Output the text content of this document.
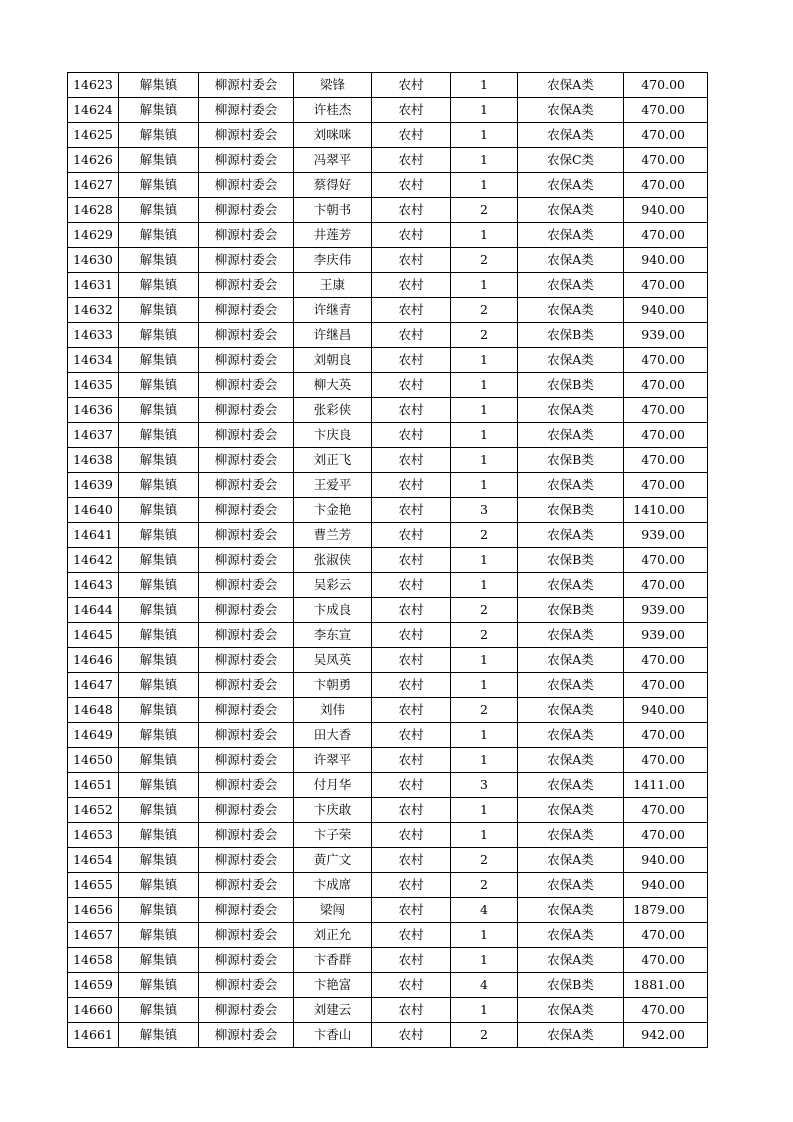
14623	解集镇	柳源村委会	梁锋	农村	1	农保A类	470.00
14624	解集镇	柳源村委会	许桂杰	农村	1	农保A类	470.00
14625	解集镇	柳源村委会	刘咪咪	农村	1	农保A类	470.00
14626	解集镇	柳源村委会	冯翠平	农村	1	农保C类	470.00
14627	解集镇	柳源村委会	蔡得好	农村	1	农保A类	470.00
14628	解集镇	柳源村委会	卞朝书	农村	2	农保A类	940.00
14629	解集镇	柳源村委会	井莲芳	农村	1	农保A类	470.00
14630	解集镇	柳源村委会	李庆伟	农村	2	农保A类	940.00
14631	解集镇	柳源村委会	王康	农村	1	农保A类	470.00
14632	解集镇	柳源村委会	许继青	农村	2	农保A类	940.00
14633	解集镇	柳源村委会	许继昌	农村	2	农保B类	939.00
14634	解集镇	柳源村委会	刘朝良	农村	1	农保A类	470.00
14635	解集镇	柳源村委会	柳大英	农村	1	农保B类	470.00
14636	解集镇	柳源村委会	张彩侠	农村	1	农保A类	470.00
14637	解集镇	柳源村委会	卞庆良	农村	1	农保A类	470.00
14638	解集镇	柳源村委会	刘正飞	农村	1	农保B类	470.00
14639	解集镇	柳源村委会	王爱平	农村	1	农保A类	470.00
14640	解集镇	柳源村委会	卞金艳	农村	3	农保B类	1410.00
14641	解集镇	柳源村委会	曹兰芳	农村	2	农保A类	939.00
14642	解集镇	柳源村委会	张淑侠	农村	1	农保B类	470.00
14643	解集镇	柳源村委会	吴彩云	农村	1	农保A类	470.00
14644	解集镇	柳源村委会	卞成良	农村	2	农保B类	939.00
14645	解集镇	柳源村委会	李东宣	农村	2	农保A类	939.00
14646	解集镇	柳源村委会	吴凤英	农村	1	农保A类	470.00
14647	解集镇	柳源村委会	卞朝勇	农村	1	农保A类	470.00
14648	解集镇	柳源村委会	刘伟	农村	2	农保A类	940.00
14649	解集镇	柳源村委会	田大香	农村	1	农保A类	470.00
14650	解集镇	柳源村委会	许翠平	农村	1	农保A类	470.00
14651	解集镇	柳源村委会	付月华	农村	3	农保A类	1411.00
14652	解集镇	柳源村委会	卞庆敢	农村	1	农保A类	470.00
14653	解集镇	柳源村委会	卞子荣	农村	1	农保A类	470.00
14654	解集镇	柳源村委会	黄广文	农村	2	农保A类	940.00
14655	解集镇	柳源村委会	卞成席	农村	2	农保A类	940.00
14656	解集镇	柳源村委会	梁闯	农村	4	农保A类	1879.00
14657	解集镇	柳源村委会	刘正允	农村	1	农保A类	470.00
14658	解集镇	柳源村委会	卞香群	农村	1	农保A类	470.00
14659	解集镇	柳源村委会	卞艳富	农村	4	农保B类	1881.00
14660	解集镇	柳源村委会	刘建云	农村	1	农保A类	470.00
14661	解集镇	柳源村委会	卞香山	农村	2	农保A类	942.00
